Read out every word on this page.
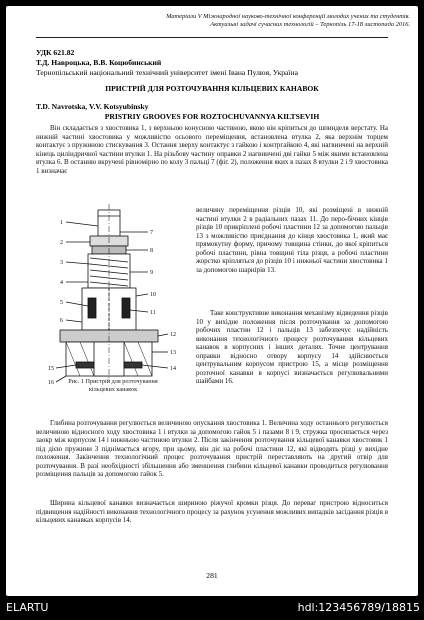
Матеріали V Міжнародної науково-технічної конференції молодих учених та студентів.
Актуальні задачі сучасних технологій – Тернопіль 17-18 листопада 2016.
УДК 621.82
Т.Д. Навроцька, В.В. Коцюбинський
Тернопільський національний технічний університет імені Івана Пулюя, Україна
ПРИСТРІЙ ДЛЯ РОЗТОЧУВАННЯ КІЛЬЦЕВИХ КАНАВОК
T.D. Navrotska, V.V. Kotsyubinsky
PRISTRIY GROOVES FOR ROZTOCHUVANNYA KILTSEVIH
Він складається з хвостовика 1, з верхньою конусною частиною, якою він кріпиться до шпинделя верстату. На нижній частині хвостовика у можливістю осьового переміщення, встановлена втулка 2, яка верхнім торцем контактує з пружиною стискування 3. Остання зверху контактує з гайкою і контргайкою 4, які нагвинчені на верхній кінець циліндричної частини втулки 1. На різьбову частину оправки 2 нагвинчені дві гайки 5 між якими встановлена втулка 6. В останню вкручені рівномірно по колу 3 пальці 7 (фіг. 2), положення яких в пазах 8 втулки 2 і 9 хвостовика 1 визначає
1
2
3
4
5
6
7
8
9
10
11
12
13
14
15
16	Рис. 1 Пристрій для розточування
кільцевих канавок
величину переміщення різців 10, які розміщені в нижній частині втулки 2 в радіальних пазах 11. До перо-бічних кінців різців 10 прикріплені робочі пластини 12 за допомогою пальців 13 з можливістю приєднання до кінця хвостовика 1, який має прямокутну форму, причому товщина стінки, до якої кріпиться робочі пластини, рівна товщині тіла різця, а робочі пластини жорстко кріпляться до різців 10 і нижньої частини хвостовика 1 за допомогою шарнірів 13.
Таке конструктивне виконання механізму відведення різців 10 у вихідне положення після розточування за допомогою робочих пластин 12 і пальців 13 забезпечує надійність виконання технологічного процесу розточування кільцевих канавок в корпусних і інших деталях. Точне центрування оправки відносно отвору корпусу 14 здійснюється центрувальним корпусом пристрою 15, а місце розміщення розточної канавки в корпусі визначається регулювальними шайбами 16.
Глибина розточування регулюється величиною опускання хвостовика 1. Величина ходу останнього регулюється величиною відносного ходу хвостовика 1 і втулки за допомогою гайок 5 і пазами 8 і 9, стружка просипається через заокр між корпусом 14 і нижньою частиною втулки 2. Після закінчення розточування кільцевої канавки хвостовик 1 під дією пружини 3 піднімається вгору, при цьому, він діє на робочі пластини 12, які відводять різці у вихідне положення. Закінчення технологічний процес розточування пристрій переставляють на другий отвір для розточування. В разі необхідності збільшення або зменшення глибини кільцевої канавки проводиться регулювання розміщення пальців за допомогою гайок 5.
Ширина кільцевої канавки визначається шириною ріжучої кромки різця. До переваг пристрою відноситься підвищення надійності виконання технологічного процесу за рахунок усунення можливих випадків засідання різців в кільцевих канавках корпусів 14.
281
ELARTU	hdl:123456789/18815
